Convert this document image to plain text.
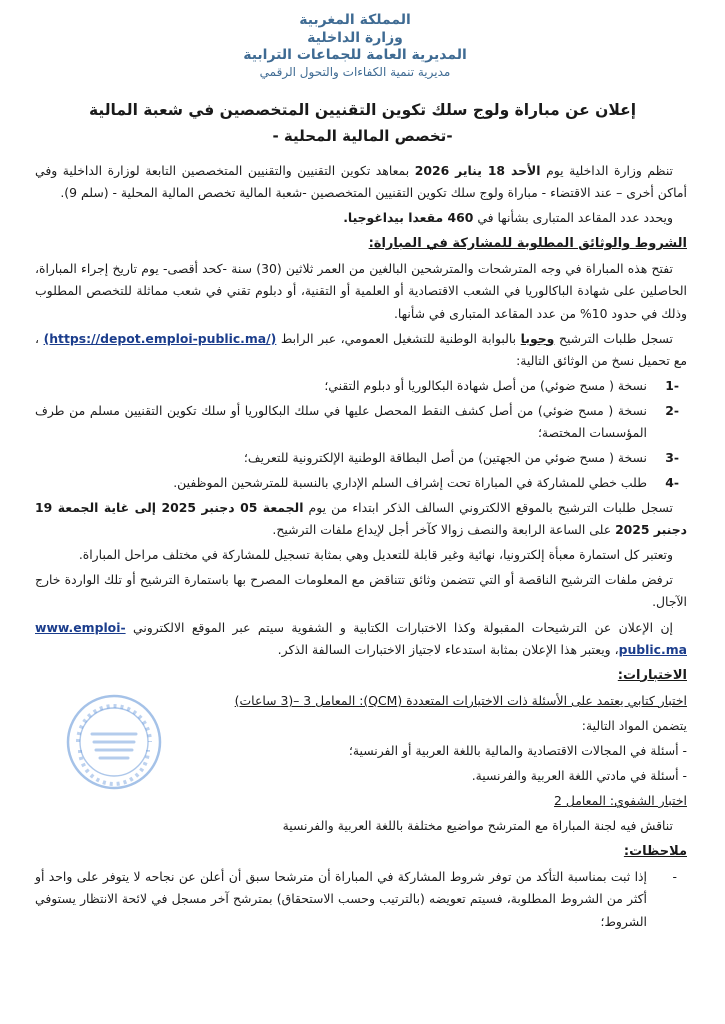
المملكة المغربية
وزارة الداخلية
المديرية العامة للجماعات الترابية
مديرية تنمية الكفاءات والتحول الرقمي
إعلان عن مباراة ولوج سلك تكوين التقنيين المتخصصين في شعبة المالية
-تخصص المالية المحلية -

تنظم وزارة الداخلية يوم الأحد 18 يناير 2026 بمعاهد تكوين التقنيين والتقنيين المتخصصين التابعة لوزارة الداخلية وفي أماكن أخرى – عند الاقتضاء - مباراة ولوج سلك تكوين التقنيين المتخصصين -شعبة المالية تخصص المالية المحلية - (سلم 9).

ويحدد عدد المقاعد المتبارى بشأنها في 460 مقعدا بيداغوجيا.

الشروط والوثائق المطلوبة للمشاركة في المباراة:

تفتح هذه المباراة في وجه المترشحات والمترشحين البالغين من العمر ثلاثين (30) سنة -كحد أقصى- يوم تاريخ إجراء المباراة، الحاصلين على شهادة الباكالوريا في الشعب الاقتصادية أو العلمية أو التقنية، أو دبلوم تقني في شعب مماثلة للتخصص المطلوب وذلك في حدود 10% من عدد المقاعد المتبارى في شأنها.

تسجل طلبات الترشيح وجوبا بالبوابة الوطنية للتشغيل العمومي، عبر الرابط (https://depot.emploi-public.ma/) ، مع تحميل نسخ من الوثائق التالية:

-1
نسخة ( مسح ضوئي) من أصل شهادة البكالوريا أو دبلوم التقني؛
-2
نسخة ( مسح ضوئي) من أصل كشف النقط المحصل عليها في سلك البكالوريا أو سلك تكوين التقنيين مسلم من طرف المؤسسات المختصة؛
-3
نسخة ( مسح ضوئي من الجهتين) من أصل البطاقة الوطنية الإلكترونية للتعريف؛
-4
طلب خطي للمشاركة في المباراة تحت إشراف السلم الإداري بالنسبة للمترشحين الموظفين.

تسجل طلبات الترشيح بالموقع الالكتروني السالف الذكر ابتداء من يوم الجمعة 05 دجنبر 2025 إلى غاية الجمعة 19 دجنبر 2025 على الساعة الرابعة والنصف زوالا كآخر أجل لإيداع ملفات الترشيح.

وتعتبر كل استمارة معبأة إلكترونيا، نهائية وغير قابلة للتعديل وهي بمثابة تسجيل للمشاركة في مختلف مراحل المباراة.

ترفض ملفات الترشيح الناقصة أو التي تتضمن وثائق تتناقض مع المعلومات المصرح بها باستمارة الترشيح أو تلك الواردة خارج الآجال.

إن الإعلان عن الترشيحات المقبولة وكذا الاختبارات الكتابية و الشفوية سيتم عبر الموقع الالكتروني www.emploi-public.ma، ويعتبر هذا الإعلان بمثابة استدعاء لاجتياز الاختبارات السالفة الذكر.

الاختبارات:

اختبار كتابي يعتمد على الأسئلة ذات الاختيارات المتعددة (QCM): المعامل 3 –(3 ساعات)

يتضمن المواد التالية:

- أسئلة في المجالات الاقتصادية والمالية باللغة العربية أو الفرنسية؛

- أسئلة في مادتي اللغة العربية والفرنسية.

اختبار الشفوي: المعامل 2

تناقش فيه لجنة المباراة مع المترشح مواضيع مختلفة باللغة العربية والفرنسية

ملاحظات:

-
إذا ثبت بمناسبة التأكد من توفر شروط المشاركة في المباراة أن مترشحا سبق أن أعلن عن نجاحه لا يتوفر على واحد أو أكثر من الشروط المطلوبة، فسيتم تعويضه (بالترتيب وحسب الاستحقاق) بمترشح آخر مسجل في لائحة الانتظار يستوفي الشروط؛
